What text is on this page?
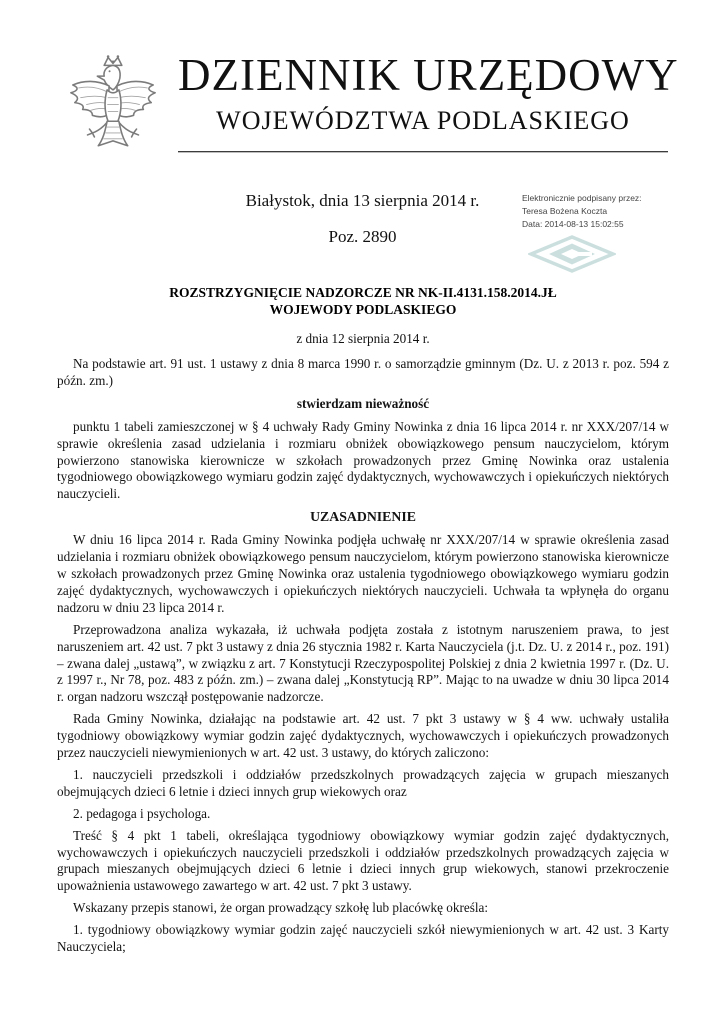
DZIENNIK URZĘDOWY
WOJEWÓDZTWA PODLASKIEGO
Białystok, dnia 13 sierpnia 2014 r.
Poz. 2890
Elektronicznie podpisany przez:
Teresa Bożena Koczta
Data: 2014-08-13 15:02:55
ROZSTRZYGNIĘCIE NADZORCZE NR NK-II.4131.158.2014.JŁ
WOJEWODY PODLASKIEGO
z dnia 12 sierpnia 2014 r.

Na podstawie art. 91 ust. 1 ustawy z dnia 8 marca 1990 r. o samorządzie gminnym (Dz. U. z 2013 r. poz. 594 z późn. zm.)

stwierdzam nieważność

punktu 1 tabeli zamieszczonej w § 4 uchwały Rady Gminy Nowinka z dnia 16 lipca 2014 r. nr XXX/207/14 w sprawie określenia zasad udzielania i rozmiaru obniżek obowiązkowego pensum nauczycielom, którym powierzono stanowiska kierownicze w szkołach prowadzonych przez Gminę Nowinka oraz ustalenia tygodniowego obowiązkowego wymiaru godzin zajęć dydaktycznych, wychowawczych i opiekuńczych niektórych nauczycieli.

UZASADNIENIE

W dniu 16 lipca 2014 r. Rada Gminy Nowinka podjęła uchwałę nr XXX/207/14 w sprawie określenia zasad udzielania i rozmiaru obniżek obowiązkowego pensum nauczycielom, którym powierzono stanowiska kierownicze w szkołach prowadzonych przez Gminę Nowinka oraz ustalenia tygodniowego obowiązkowego wymiaru godzin zajęć dydaktycznych, wychowawczych i opiekuńczych niektórych nauczycieli. Uchwała ta wpłynęła do organu nadzoru w dniu 23 lipca 2014 r.

Przeprowadzona analiza wykazała, iż uchwała podjęta została z istotnym naruszeniem prawa, to jest naruszeniem art. 42 ust. 7 pkt 3 ustawy z dnia 26 stycznia 1982 r. Karta Nauczyciela (j.t. Dz. U. z 2014 r., poz. 191) – zwana dalej „ustawą”, w związku z art. 7 Konstytucji Rzeczypospolitej Polskiej z dnia 2 kwietnia 1997 r. (Dz. U. z 1997 r., Nr 78, poz. 483 z późn. zm.) – zwana dalej „Konstytucją RP”. Mając to na uwadze w dniu 30 lipca 2014 r. organ nadzoru wszczął postępowanie nadzorcze.

Rada Gminy Nowinka, działając na podstawie art. 42 ust. 7 pkt 3 ustawy w § 4 ww. uchwały ustaliła tygodniowy obowiązkowy wymiar godzin zajęć dydaktycznych, wychowawczych i opiekuńczych prowadzonych przez nauczycieli niewymienionych w art. 42 ust. 3 ustawy, do których zaliczono:

1. nauczycieli przedszkoli i oddziałów przedszkolnych prowadzących zajęcia w grupach mieszanych obejmujących dzieci 6 letnie i dzieci innych grup wiekowych oraz

2. pedagoga i psychologa.

Treść § 4 pkt 1 tabeli, określająca tygodniowy obowiązkowy wymiar godzin zajęć dydaktycznych, wychowawczych i opiekuńczych nauczycieli przedszkoli i oddziałów przedszkolnych prowadzących zajęcia w grupach mieszanych obejmujących dzieci 6 letnie i dzieci innych grup wiekowych, stanowi przekroczenie upoważnienia ustawowego zawartego w art. 42 ust. 7 pkt 3 ustawy.

Wskazany przepis stanowi, że organ prowadzący szkołę lub placówkę określa:

1. tygodniowy obowiązkowy wymiar godzin zajęć nauczycieli szkół niewymienionych w art. 42 ust. 3 Karty Nauczyciela;
